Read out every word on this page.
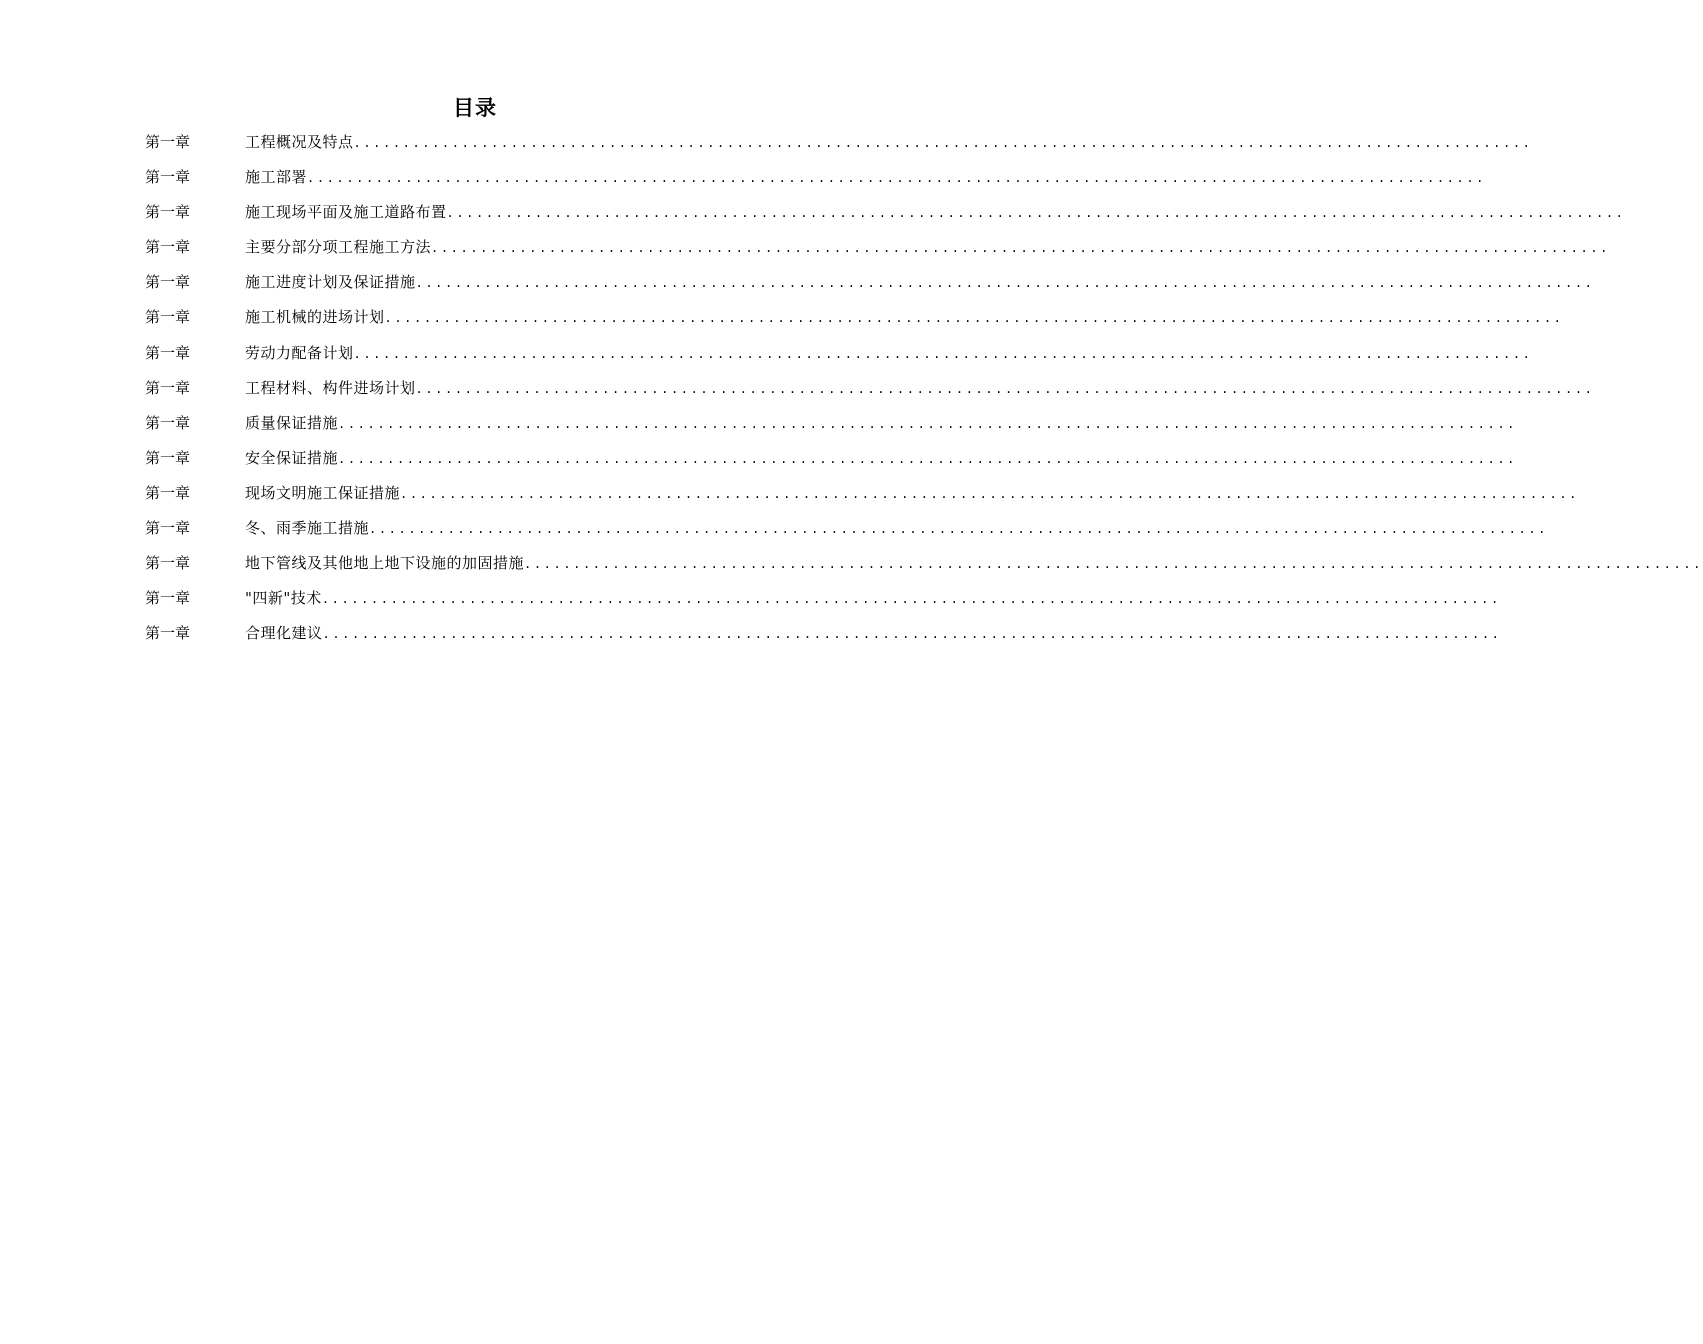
目录
第一章	工程概况及特点 ........................................................................................................................
第一章	施工部署 ........................................................................................................................
第一章	施工现场平面及施工道路布置 ........................................................................................................................
第一章	主要分部分项工程施工方法 ........................................................................................................................
第一章	施工进度计划及保证措施 ........................................................................................................................
第一章	施工机械的进场计划 ........................................................................................................................
第一章	劳动力配备计划 ........................................................................................................................
第一章	工程材料、构件进场计划 ........................................................................................................................
第一章	质量保证措施 ........................................................................................................................
第一章	安全保证措施 ........................................................................................................................
第一章	现场文明施工保证措施 ........................................................................................................................
第一章	冬、雨季施工措施 ........................................................................................................................
第一章	地下管线及其他地上地下设施的加固措施 ........................................................................................................................
第一章	"四新"技术 ........................................................................................................................
第一章	合理化建议 ........................................................................................................................
